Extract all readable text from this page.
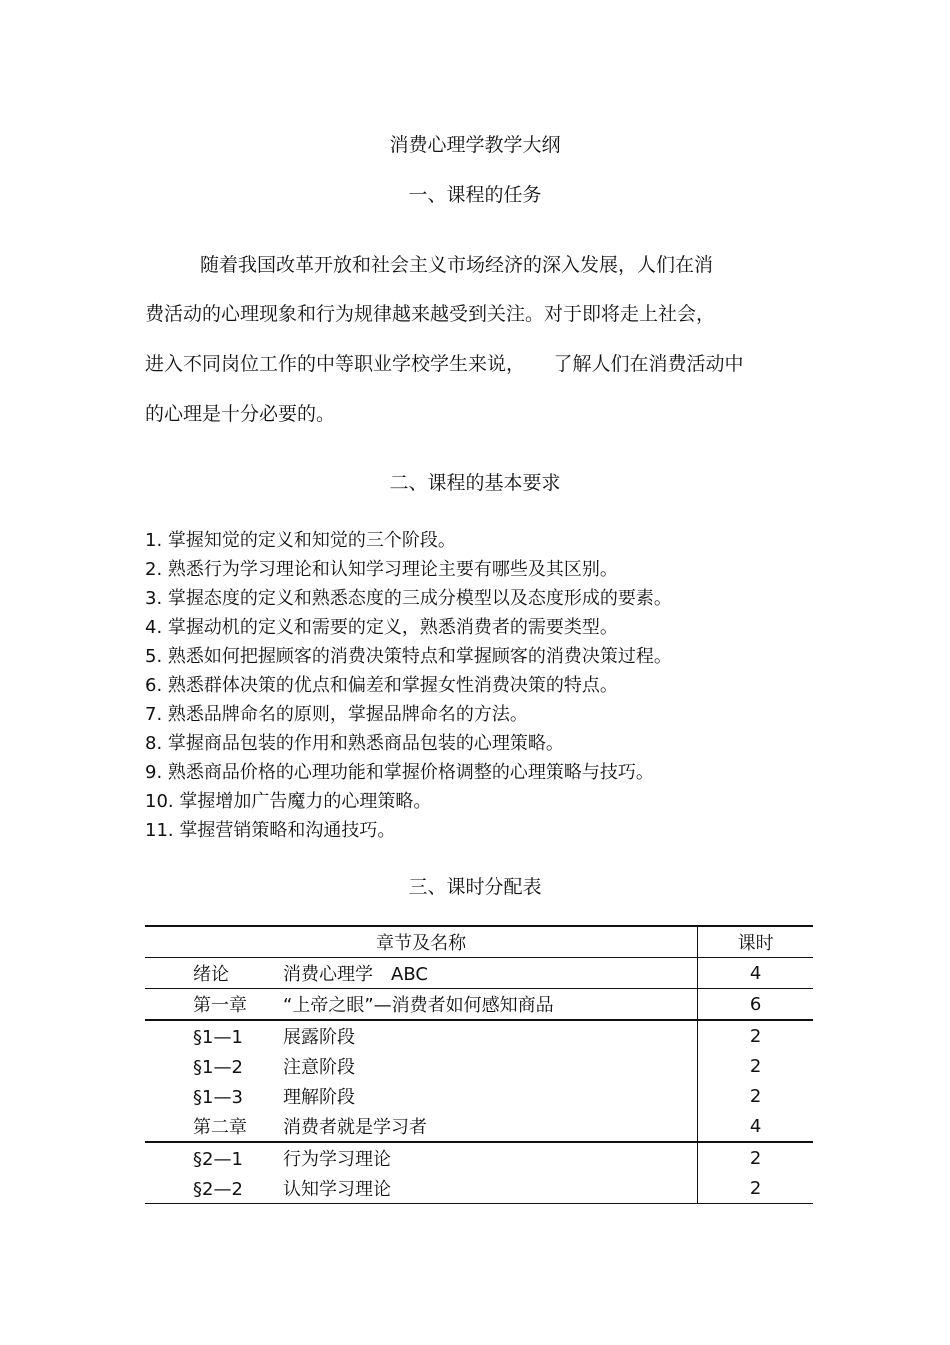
消费心理学教学大纲
一、课程的任务
随着我国改革开放和社会主义市场经济的深入发展，人们在消
费活动的心理现象和行为规律越来越受到关注。对于即将走上社会，
进入不同岗位工作的中等职业学校学生来说，　　了解人们在消费活动中
的心理是十分必要的。
二、课程的基本要求
1. 掌握知觉的定义和知觉的三个阶段。
2. 熟悉行为学习理论和认知学习理论主要有哪些及其区别。
3. 掌握态度的定义和熟悉态度的三成分模型以及态度形成的要素。
4. 掌握动机的定义和需要的定义，熟悉消费者的需要类型。
5. 熟悉如何把握顾客的消费决策特点和掌握顾客的消费决策过程。
6. 熟悉群体决策的优点和偏差和掌握女性消费决策的特点。
7. 熟悉品牌命名的原则，掌握品牌命名的方法。
8. 掌握商品包装的作用和熟悉商品包装的心理策略。
9. 熟悉商品价格的心理功能和掌握价格调整的心理策略与技巧。
10. 掌握增加广告魔力的心理策略。
11. 掌握营销策略和沟通技巧。
三、课时分配表
章节及名称	课时
绪论 消费心理学　ABC	4
第一章 “上帝之眼”—消费者如何感知商品	6
§1—1 展露阶段	2
§1—2 注意阶段	2
§1—3 理解阶段	2
第二章 消费者就是学习者	4
§2—1 行为学习理论	2
§2—2 认知学习理论	2
